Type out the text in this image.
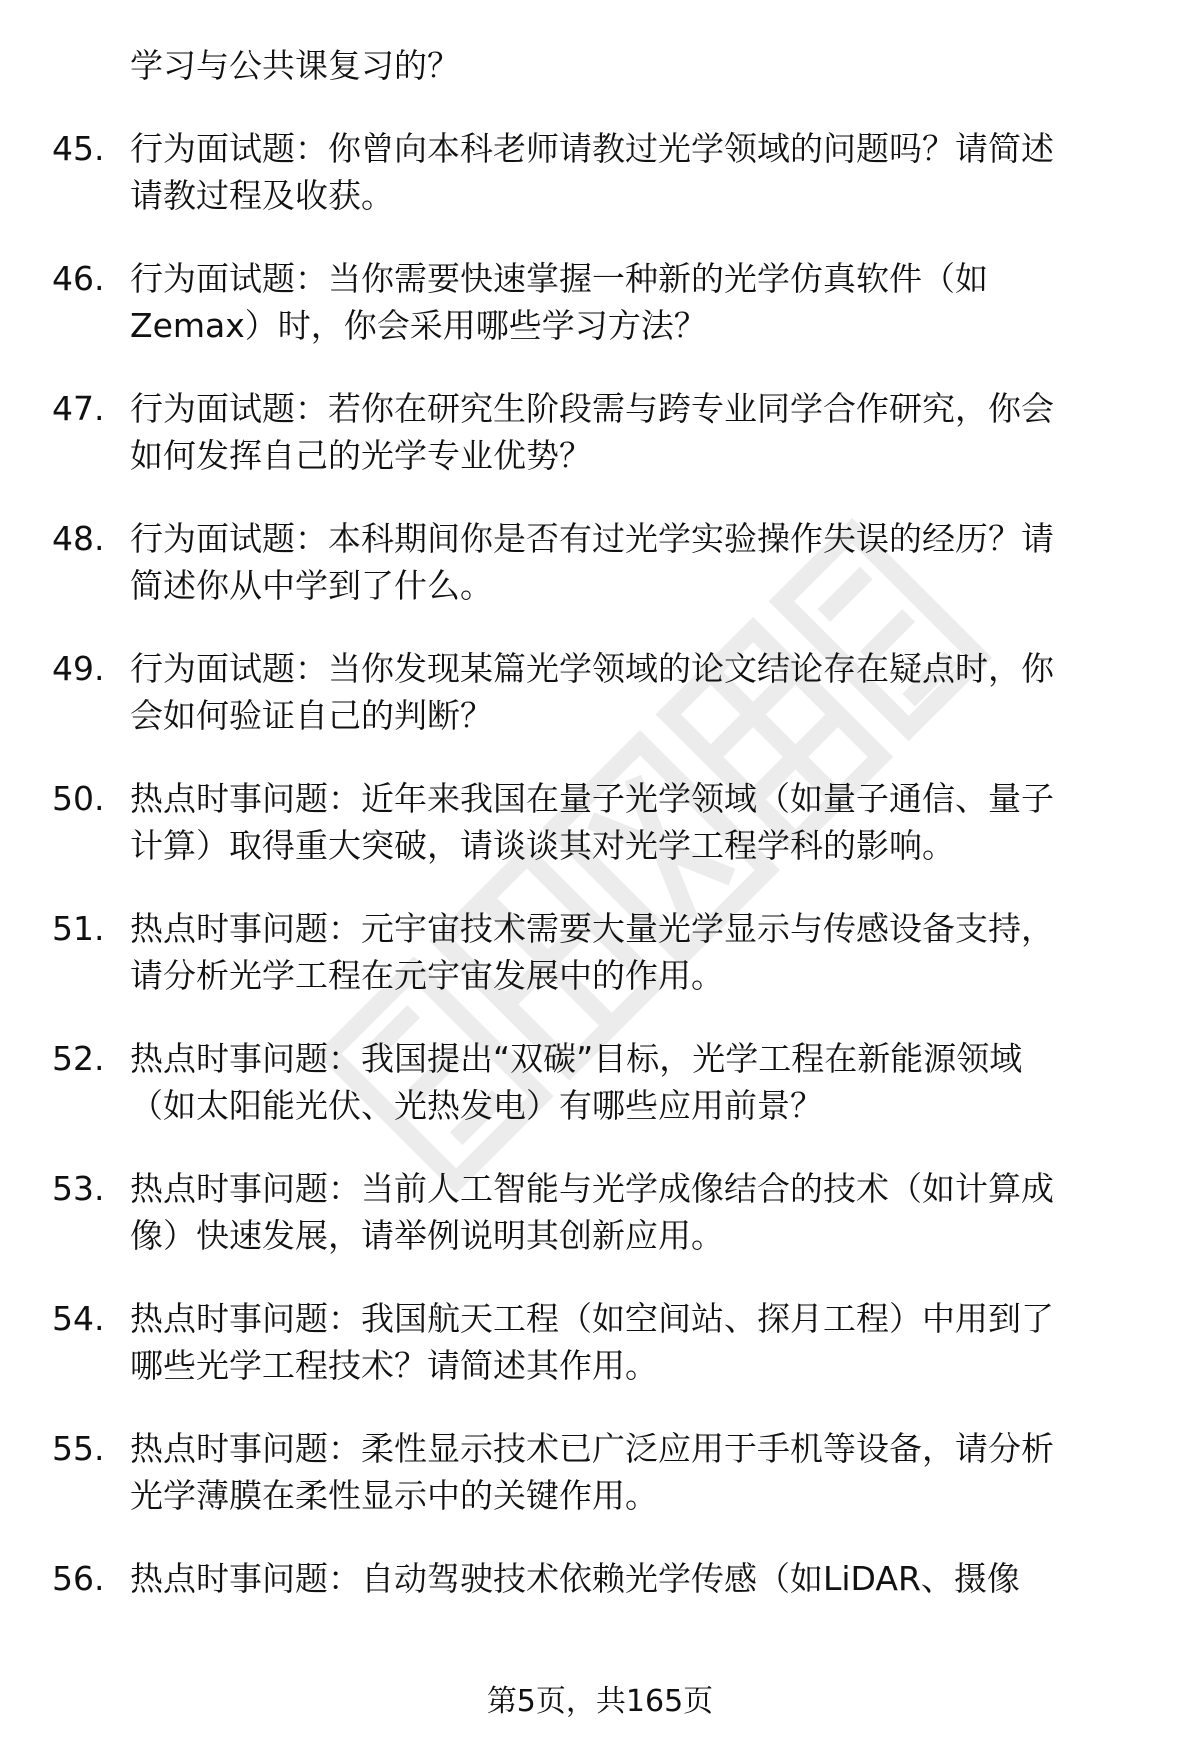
学习与公共课复习的？
45. 行为面试题：你曾向本科老师请教过光学领域的问题吗？请简述
请教过程及收获。
46. 行为面试题：当你需要快速掌握一种新的光学仿真软件（如
Zemax）时，你会采用哪些学习方法？
47. 行为面试题：若你在研究生阶段需与跨专业同学合作研究，你会
如何发挥自己的光学专业优势？
48. 行为面试题：本科期间你是否有过光学实验操作失误的经历？请
简述你从中学到了什么。
49. 行为面试题：当你发现某篇光学领域的论文结论存在疑点时，你
会如何验证自己的判断？
50. 热点时事问题：近年来我国在量子光学领域（如量子通信、量子
计算）取得重大突破，请谈谈其对光学工程学科的影响。
51. 热点时事问题：元宇宙技术需要大量光学显示与传感设备支持，
请分析光学工程在元宇宙发展中的作用。
52. 热点时事问题：我国提出“双碳”目标，光学工程在新能源领域
（如太阳能光伏、光热发电）有哪些应用前景？
53. 热点时事问题：当前人工智能与光学成像结合的技术（如计算成
像）快速发展，请举例说明其创新应用。
54. 热点时事问题：我国航天工程（如空间站、探月工程）中用到了
哪些光学工程技术？请简述其作用。
55. 热点时事问题：柔性显示技术已广泛应用于手机等设备，请分析
光学薄膜在柔性显示中的关键作用。
56. 热点时事问题：自动驾驶技术依赖光学传感（如LiDAR、摄像
第5页，共165页
